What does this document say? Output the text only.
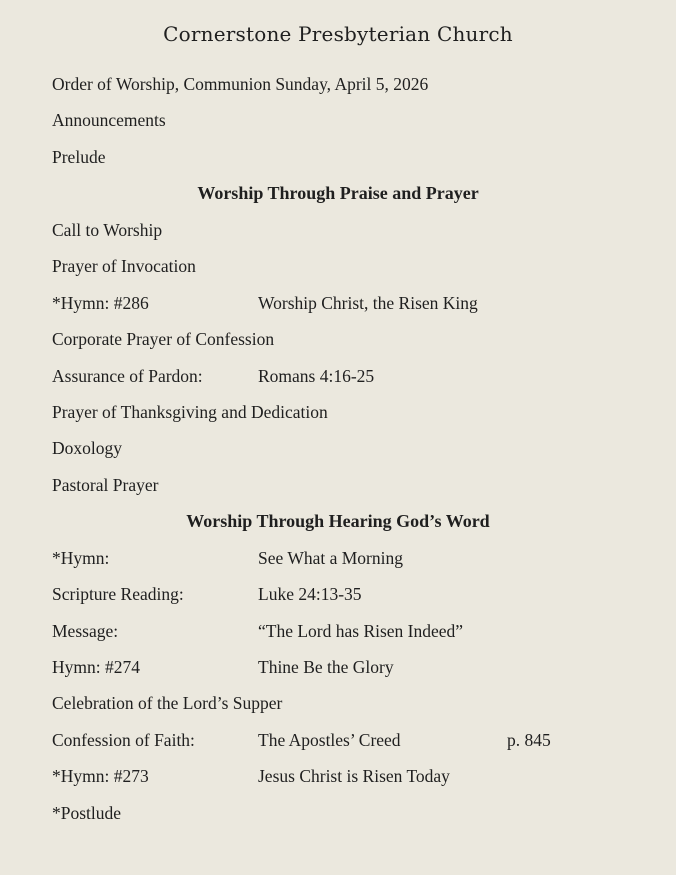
Cornerstone Presbyterian Church
Order of Worship, Communion Sunday, April 5, 2026
Announcements
Prelude
Worship Through Praise and Prayer
Call to Worship
Prayer of Invocation
*Hymn: #286	Worship Christ, the Risen King
Corporate Prayer of Confession
Assurance of Pardon:	Romans 4:16-25
Prayer of Thanksgiving and Dedication
Doxology
Pastoral Prayer
Worship Through Hearing God’s Word
*Hymn:	See What a Morning
Scripture Reading:	Luke 24:13-35
Message:	“The Lord has Risen Indeed”
Hymn: #274	Thine Be the Glory
Celebration of the Lord’s Supper
Confession of Faith:	The Apostles’ Creed	p. 845
*Hymn: #273	Jesus Christ is Risen Today
*Postlude
